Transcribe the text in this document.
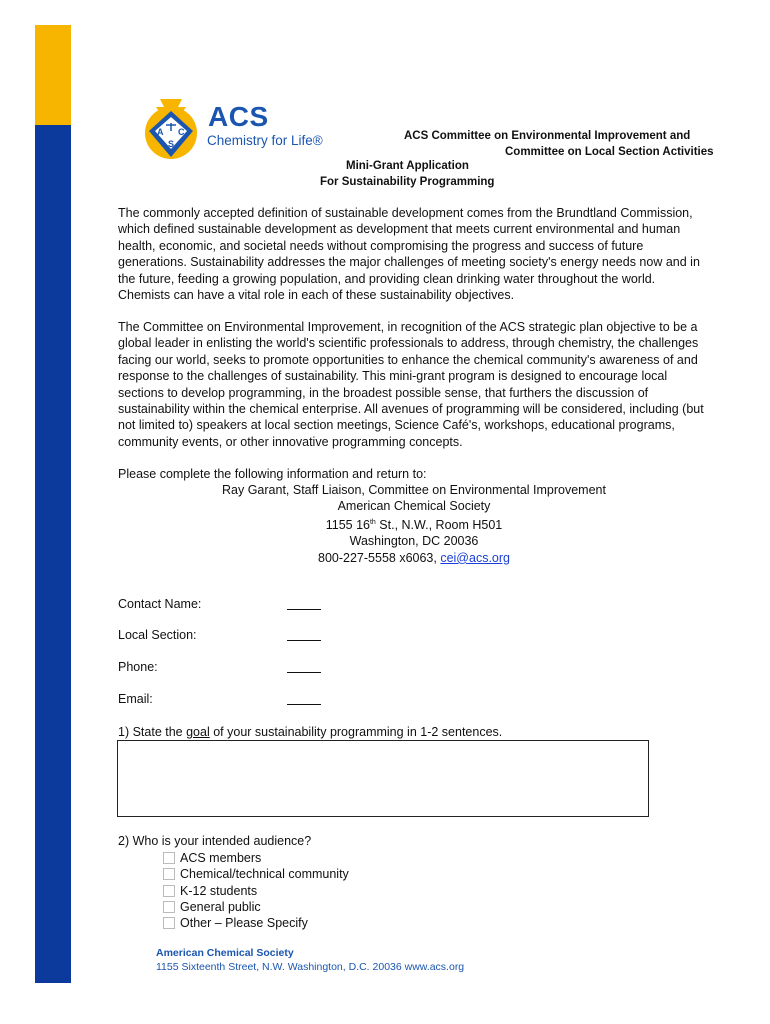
A C
S
ACS
Chemistry for Life®	ACS Committee on Environmental Improvement and
Committee on Local Section Activities
Mini-Grant Application
For Sustainability Programming

The commonly accepted definition of sustainable development comes from the Brundtland Commission, which defined sustainable development as development that meets current environmental and human health, economic, and societal needs without compromising the progress and success of future generations. Sustainability addresses the major challenges of meeting society's energy needs now and in the future, feeding a growing population, and providing clean drinking water throughout the world. Chemists can have a vital role in each of these sustainability objectives.

The Committee on Environmental Improvement, in recognition of the ACS strategic plan objective to be a global leader in enlisting the world's scientific professionals to address, through chemistry, the challenges facing our world, seeks to promote opportunities to enhance the chemical community's awareness of and response to the challenges of sustainability. This mini-grant program is designed to encourage local sections to develop programming, in the broadest possible sense, that furthers the discussion of sustainability within the chemical enterprise. All avenues of programming will be considered, including (but not limited to) speakers at local section meetings, Science Café's, workshops, educational programs, community events, or other innovative programming concepts.

Please complete the following information and return to:

Ray Garant, Staff Liaison, Committee on Environmental Improvement
American Chemical Society
1155 16th St., N.W., Room H501
Washington, DC 20036
800-227-5558 x6063, cei@acs.org
Contact Name:
Local Section:
Phone:
Email:
1) State the goal of your sustainability programming in 1-2 sentences.
2) Who is your intended audience?
ACS members
Chemical/technical community
K-12 students
General public
Other – Please Specify
American Chemical Society
1155 Sixteenth Street, N.W. Washington, D.C. 20036 www.acs.org
